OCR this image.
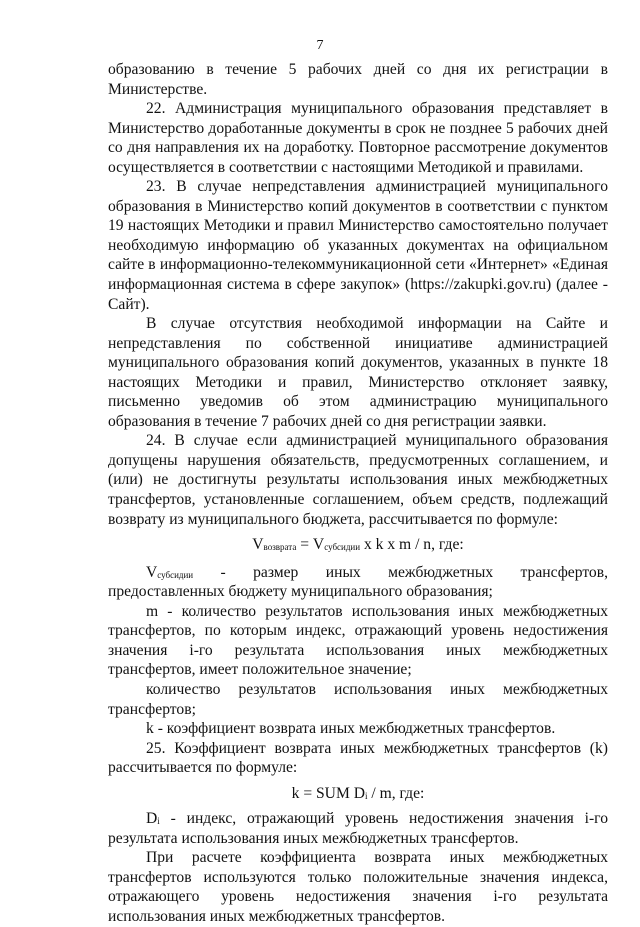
7

образованию в течение 5 рабочих дней со дня их регистрации в Министерстве.

22. Администрация муниципального образования представляет в Министерство доработанные документы в срок не позднее 5 рабочих дней со дня направления их на доработку. Повторное рассмотрение документов осуществляется в соответствии с настоящими Методикой и правилами.

23. В случае непредставления администрацией муниципального образования в Министерство копий документов в соответствии с пунктом 19 настоящих Методики и правил Министерство самостоятельно получает необходимую информацию об указанных документах на официальном сайте в информационно-телекоммуникационной сети «Интернет» «Единая информационная система в сфере закупок» (https://zakupki.gov.ru) (далее - Сайт).

В случае отсутствия необходимой информации на Сайте и непредставления по собственной инициативе администрацией муниципального образования копий документов, указанных в пункте 18 настоящих Методики и правил, Министерство отклоняет заявку, письменно уведомив об этом администрацию муниципального образования в течение 7 рабочих дней со дня регистрации заявки.

24. В случае если администрацией муниципального образования допущены нарушения обязательств, предусмотренных соглашением, и (или) не достигнуты результаты использования иных межбюджетных трансфертов, установленные соглашением, объем средств, подлежащий возврату из муниципального бюджета, рассчитывается по формуле:

$V_{возврата} = V_{субсидии}$ x k x m / n, где:

$V_{субсидии}$ - размер иных межбюджетных трансфертов, предоставленных бюджету муниципального образования;

m - количество результатов использования иных межбюджетных трансфертов, по которым индекс, отражающий уровень недостижения значения i-го результата использования иных межбюджетных трансфертов, имеет положительное значение;

количество результатов использования иных межбюджетных трансфертов;

k - коэффициент возврата иных межбюджетных трансфертов.

25. Коэффициент возврата иных межбюджетных трансфертов (k) рассчитывается по формуле:

k = SUM $D_i$ / m, где:

$D_i$ - индекс, отражающий уровень недостижения значения i-го результата использования иных межбюджетных трансфертов.

При расчете коэффициента возврата иных межбюджетных трансфертов используются только положительные значения индекса, отражающего уровень недостижения значения i-го результата использования иных межбюджетных трансфертов.
